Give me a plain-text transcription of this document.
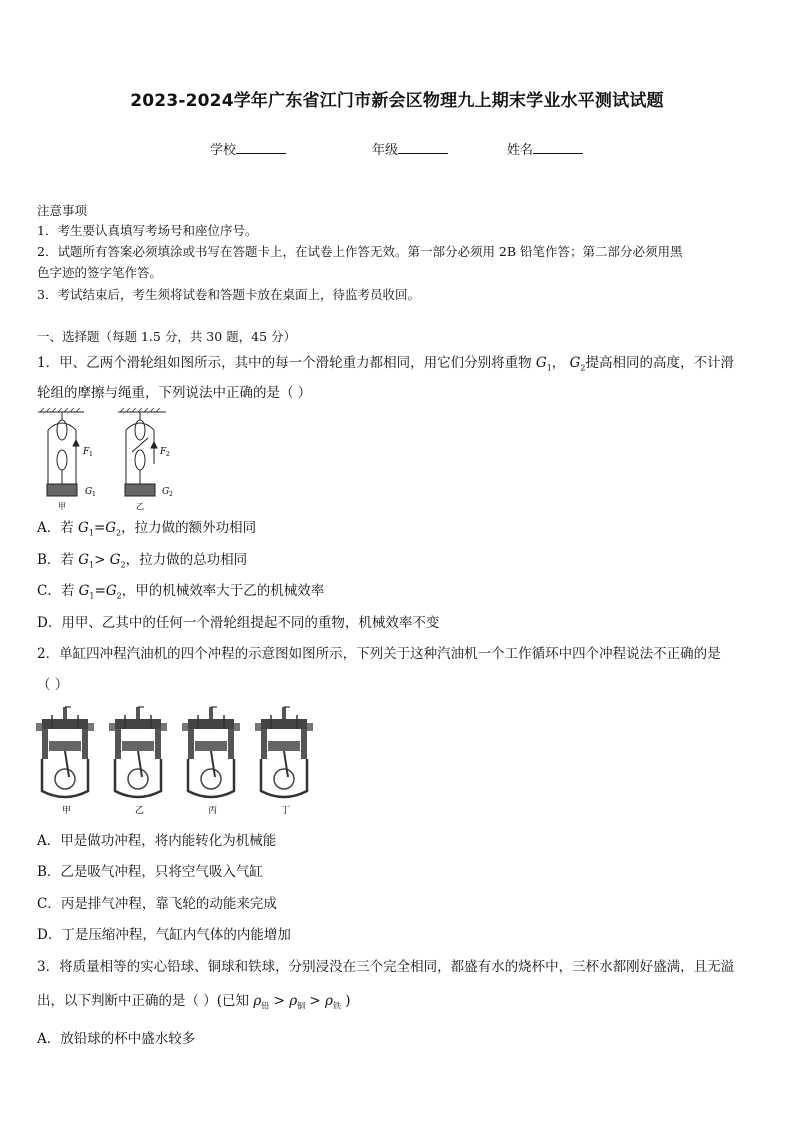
2023-2024学年广东省江门市新会区物理九上期末学业水平测试试题
学校	年级	姓名
注意事项
1．考生要认真填写考场号和座位序号。
2．试题所有答案必须填涂或书写在答题卡上，在试卷上作答无效。第一部分必须用 2B 铅笔作答；第二部分必须用黑
色字迹的签字笔作答。
3．考试结束后，考生须将试卷和答题卡放在桌面上，待监考员收回。
一、选择题（每题 1.5 分，共 30 题，45 分）
1．甲、乙两个滑轮组如图所示，其中的每一个滑轮重力都相同，用它们分别将重物 $G_1$， $G_2$提高相同的高度，不计滑
轮组的摩擦与绳重，下列说法中正确的是（ ）
F 1	F 2
G 1	G 2
甲	乙
A．若 $G_1=G_2$，拉力做的额外功相同
B．若 $G_1> G_2$，拉力做的总功相同
C．若 $G_1=G_2$，甲的机械效率大于乙的机械效率
D．用甲、乙其中的任何一个滑轮组提起不同的重物，机械效率不变
2．单缸四冲程汽油机的四个冲程的示意图如图所示，下列关于这种汽油机一个工作循环中四个冲程说法不正确的是
（ ）
甲	乙	丙	丁
A．甲是做功冲程，将内能转化为机械能
B．乙是吸气冲程，只将空气吸入气缸
C．丙是排气冲程，靠飞轮的动能来完成
D．丁是压缩冲程，气缸内气体的内能增加
3．将质量相等的实心铅球、铜球和铁球，分别浸没在三个完全相同，都盛有水的烧杯中，三杯水都刚好盛满，且无溢
出，以下判断中正确的是（ ）(已知 $\rho_铅 > \rho_铜 > \rho_铁$ )
A．放铅球的杯中盛水较多
